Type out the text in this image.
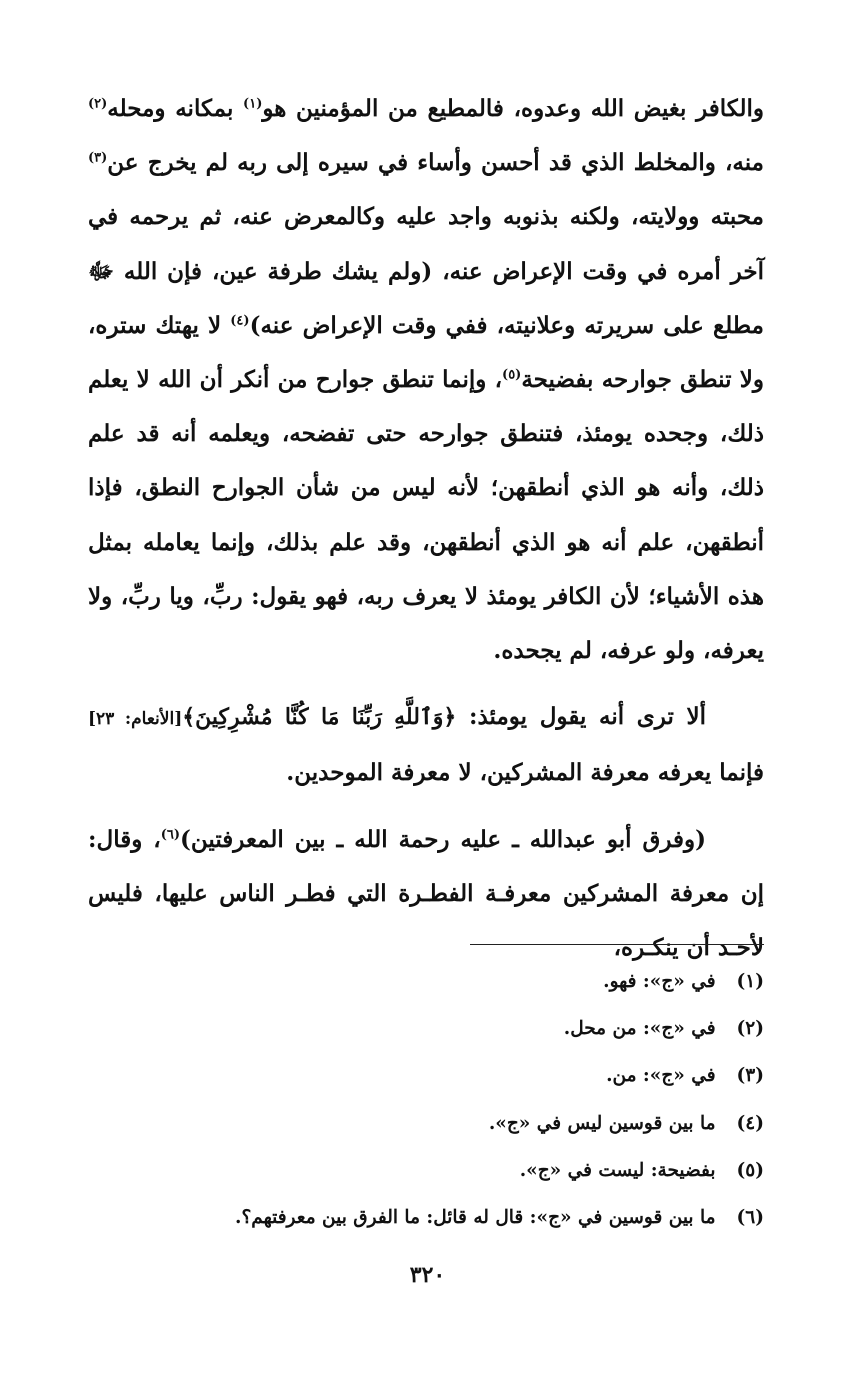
والكافر بغيض الله وعدوه، فالمطيع من المؤمنين هو$^{(١)}$ بمكانه ومحله$^{(٢)}$ منه، والمخلط الذي قد أحسن وأساء في سيره إلى ربه لم يخرج عن$^{(٣)}$ محبته وولايته، ولكنه بذنوبه واجد عليه وكالمعرض عنه، ثم يرحمه في آخر أمره في وقت الإعراض عنه، (ولم يشك طرفة عين، فإن الله ﷻ مطلع على سريرته وعلانيته، ففي وقت الإعراض عنه)$^{(٤)}$ لا يهتك ستره، ولا تنطق جوارحه بفضيحة$^{(٥)}$، وإنما تنطق جوارح من أنكر أن الله لا يعلم ذلك، وجحده يومئذ، فتنطق جوارحه حتى تفضحه، ويعلمه أنه قد علم ذلك، وأنه هو الذي أنطقهن؛ لأنه ليس من شأن الجوارح النطق، فإذا أنطقهن، علم أنه هو الذي أنطقهن، وقد علم بذلك، وإنما يعامله بمثل هذه الأشياء؛ لأن الكافر يومئذ لا يعرف ربه، فهو يقول: ربِّ، ويا ربِّ، ولا يعرفه، ولو عرفه، لم يجحده.

ألا ترى أنه يقول يومئذ: ﴿وَٱللَّهِ رَبِّنَا مَا كُنَّا مُشْرِكِينَ﴾[الأنعام: ٢٣] فإنما يعرفه معرفة المشركين، لا معرفة الموحدين.

(وفرق أبو عبدالله ـ عليه رحمة الله ـ بين المعرفتين)$^{(٦)}$، وقال: إن معرفة المشركين معرفـة الفطـرة التي فطـر الناس عليها، فليس لأحـد أن ينكـره،

(١) في «ج»: فهو.
(٢) في «ج»: من محل.
(٣) في «ج»: من.
(٤) ما بين قوسين ليس في «ج».
(٥) بفضيحة: ليست في «ج».
(٦) ما بين قوسين في «ج»: قال له قائل: ما الفرق بين معرفتهم؟.
٣٢٠
